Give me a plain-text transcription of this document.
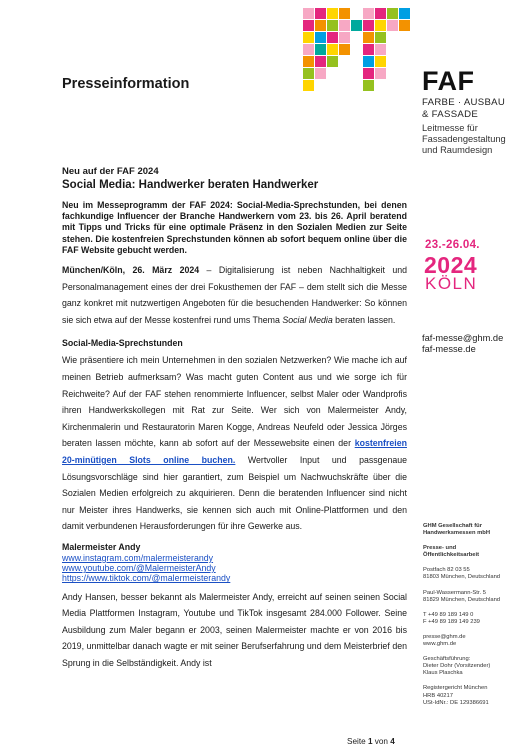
Presseinformation	FAF
FARBE · AUSBAU
& FASSADE
Leitmesse für
Fassadengestaltung
und Raumdesign
23.-26.04.
2024
KÖLN
faf-messe@ghm.de
faf-messe.de
Neu auf der FAF 2024
Social Media: Handwerker beraten Handwerker
Neu im Messeprogramm der FAF 2024: Social-Media-Sprechstunden, bei denen fachkundige Influencer der Branche Handwerkern vom 23. bis 26. April beratend mit Tipps und Tricks für eine optimale Präsenz in den Sozialen Medien zur Seite stehen. Die kostenfreien Sprechstunden können ab sofort bequem online über die FAF Website gebucht werden.

München/Köln, 26. März 2024 – Digitalisierung ist neben Nachhaltigkeit und Personalmanagement eines der drei Fokusthemen der FAF – dem stellt sich die Messe ganz konkret mit nutzwertigen Angeboten für die besuchenden Handwerker: So können sie sich etwa auf der Messe kostenfrei rund ums Thema Social Media beraten lassen.

Social-Media-Sprechstunden

Wie präsentiere ich mein Unternehmen in den sozialen Netzwerken? Wie mache ich auf meinen Betrieb aufmerksam? Was macht guten Content aus und wie sorge ich für Reichweite? Auf der FAF stehen renommierte Influencer, selbst Maler oder Wandprofis ihren Handwerkskollegen mit Rat zur Seite. Wer sich von Malermeister Andy, Kirchenmalerin und Restauratorin Maren Kogge, Andreas Neufeld oder Jessica Jörges beraten lassen möchte, kann ab sofort auf der Messewebsite einen der kostenfreien 20-minütigen Slots online buchen. Wertvoller Input und passgenaue Lösungsvorschläge sind hier garantiert, zum Beispiel um Nachwuchskräfte über die Sozialen Medien erfolgreich zu akquirieren. Denn die beratenden Influencer sind nicht nur Meister ihres Handwerks, sie kennen sich auch mit Online-Plattformen und den damit verbundenen Herausforderungen für ihre Gewerke aus.

Malermeister Andy
www.instagram.com/malermeisterandy
www.youtube.com/@MalermeisterAndy
https://www.tiktok.com/@malermeisterandy

Andy Hansen, besser bekannt als Malermeister Andy, erreicht auf seinen seinen Social Media Plattformen Instagram, Youtube und TikTok insgesamt 284.000 Follower. Seine Ausbildung zum Maler begann er 2003, seinen Malermeister machte er von 2016 bis 2019, unmittelbar danach wagte er mit seiner Berufserfahrung und dem Meisterbrief den Sprung in die Selbständigkeit. Andy ist

GHM Gesellschaft für
Handwerksmessen mbH
Presse- und
Öffentlichkeitsarbeit
Postfach 82 03 55
81803 München, Deutschland
Paul-Wassermann-Str. 5
81829 München, Deutschland
T +49 89 189 149 0
F +49 89 189 149 239
presse@ghm.de
www.ghm.de
Geschäftsführung:
Dieter Dohr (Vorsitzender)
Klaus Plaschka
Registergericht München
HRB 40217
USt-IdNr.: DE 129386691
Seite 1 von 4
